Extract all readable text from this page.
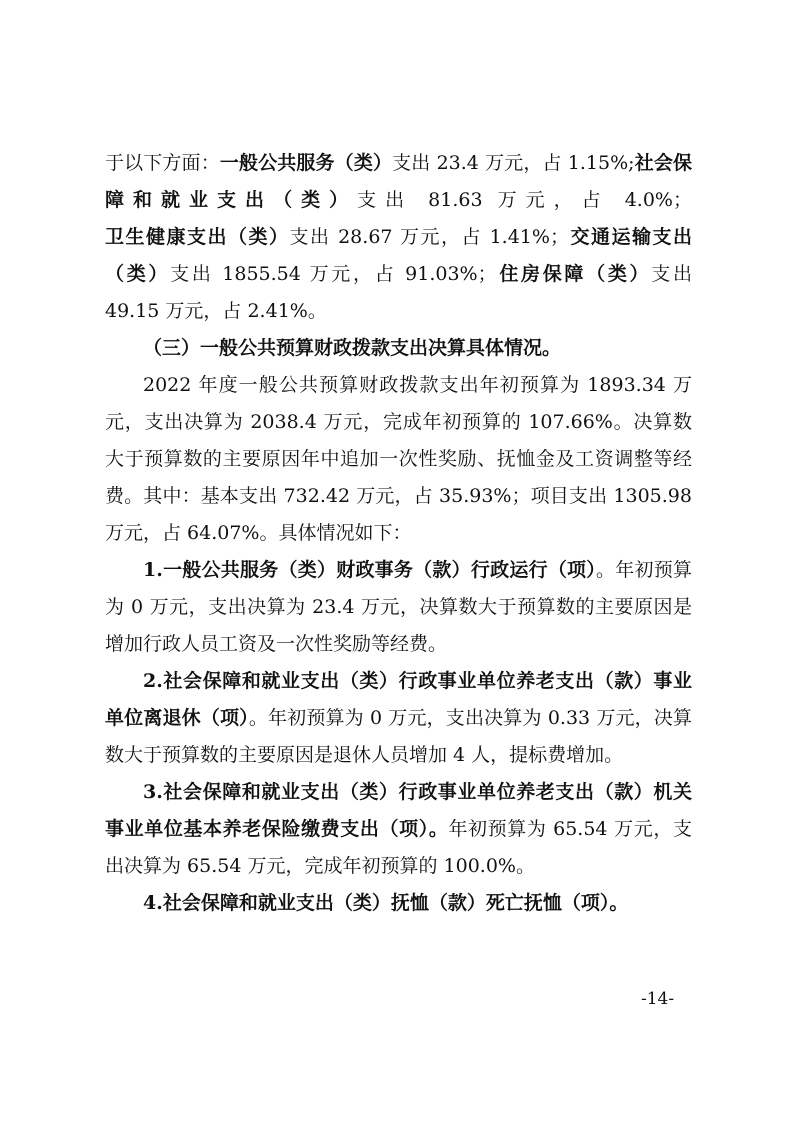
于以下方面：一般公共服务（类）支出 23.4 万元，占 1.15%;社会保障和就业支出（类）支出 81.63 万元，占 4.0%；卫生健康支出（类）支出 28.67 万元，占 1.41%；交通运输支出（类）支出 1855.54 万元，占 91.03%；住房保障（类）支出 49.15 万元，占 2.41%。

（三）一般公共预算财政拨款支出决算具体情况。

2022 年度一般公共预算财政拨款支出年初预算为 1893.34 万元，支出决算为 2038.4 万元，完成年初预算的 107.66%。决算数大于预算数的主要原因年中追加一次性奖励、抚恤金及工资调整等经费。其中：基本支出 732.42 万元，占 35.93%；项目支出 1305.98 万元，占 64.07%。具体情况如下：

1.一般公共服务（类）财政事务（款）行政运行（项）。年初预算为 0 万元，支出决算为 23.4 万元，决算数大于预算数的主要原因是增加行政人员工资及一次性奖励等经费。

2.社会保障和就业支出（类）行政事业单位养老支出（款）事业单位离退休（项）。年初预算为 0 万元，支出决算为 0.33 万元，决算数大于预算数的主要原因是退休人员增加 4 人，提标费增加。

3.社会保障和就业支出（类）行政事业单位养老支出（款）机关事业单位基本养老保险缴费支出（项）。年初预算为 65.54 万元，支出决算为 65.54 万元，完成年初预算的 100.0%。

4.社会保障和就业支出（类）抚恤（款）死亡抚恤（项）。

-14-
